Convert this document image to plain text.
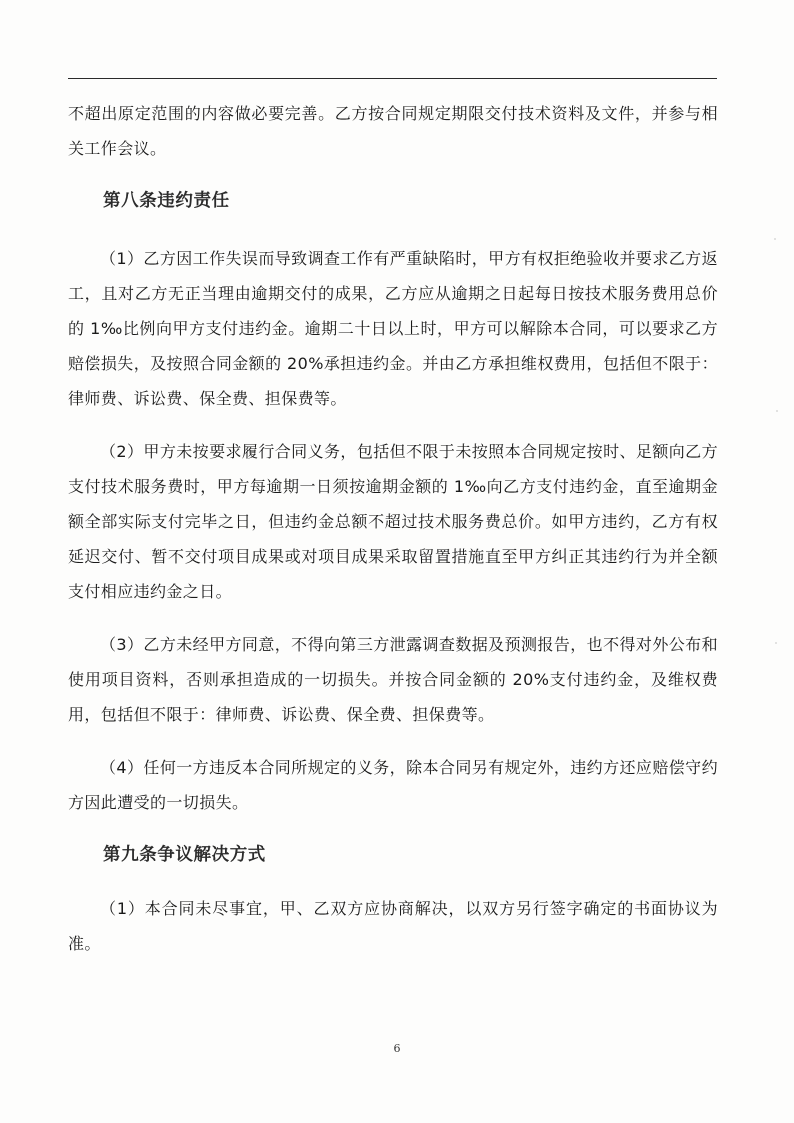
不超出原定范围的内容做必要完善。乙方按合同规定期限交付技术资料及文件，并参与相关工作会议。

第八条违约责任

（1）乙方因工作失误而导致调查工作有严重缺陷时，甲方有权拒绝验收并要求乙方返工，且对乙方无正当理由逾期交付的成果，乙方应从逾期之日起每日按技术服务费用总价的 1‰比例向甲方支付违约金。逾期二十日以上时，甲方可以解除本合同，可以要求乙方赔偿损失，及按照合同金额的 20%承担违约金。并由乙方承担维权费用，包括但不限于：律师费、诉讼费、保全费、担保费等。

（2）甲方未按要求履行合同义务，包括但不限于未按照本合同规定按时、足额向乙方支付技术服务费时，甲方每逾期一日须按逾期金额的 1‰向乙方支付违约金，直至逾期金额全部实际支付完毕之日，但违约金总额不超过技术服务费总价。如甲方违约，乙方有权延迟交付、暂不交付项目成果或对项目成果采取留置措施直至甲方纠正其违约行为并全额支付相应违约金之日。

（3）乙方未经甲方同意，不得向第三方泄露调查数据及预测报告，也不得对外公布和使用项目资料，否则承担造成的一切损失。并按合同金额的 20%支付违约金，及维权费用，包括但不限于：律师费、诉讼费、保全费、担保费等。

（4）任何一方违反本合同所规定的义务，除本合同另有规定外，违约方还应赔偿守约方因此遭受的一切损失。

第九条争议解决方式

（1）本合同未尽事宜，甲、乙双方应协商解决，以双方另行签字确定的书面协议为准。

6
